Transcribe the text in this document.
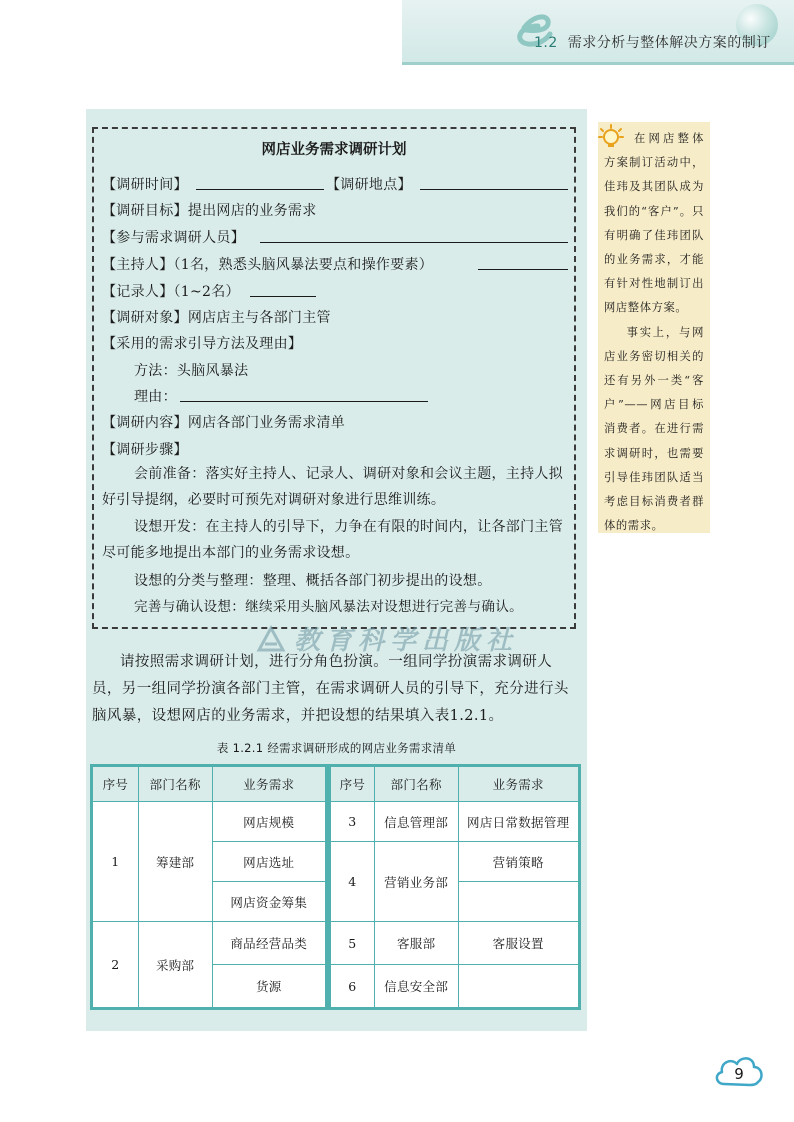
1.2 需求分析与整体解决方案的制订
网店业务需求调研计划
【调研时间】	【调研地点】
【调研目标】提出网店的业务需求
【参与需求调研人员】
【主持人】（1名，熟悉头脑风暴法要点和操作要素）
【记录人】（1~2名）
【调研对象】网店店主与各部门主管
【采用的需求引导方法及理由】
方法：头脑风暴法
理由：
【调研内容】网店各部门业务需求清单
【调研步骤】
会前准备：落实好主持人、记录人、调研对象和会议主题，主持人拟好引导提纲，必要时可预先对调研对象进行思维训练。
设想开发：在主持人的引导下，力争在有限的时间内，让各部门主管尽可能多地提出本部门的业务需求设想。
设想的分类与整理：整理、概括各部门初步提出的设想。
完善与确认设想：继续采用头脑风暴法对设想进行完善与确认。
教育科学出版社
请按照需求调研计划，进行分角色扮演。一组同学扮演需求调研人员，另一组同学扮演各部门主管，在需求调研人员的引导下，充分进行头脑风暴，设想网店的业务需求，并把设想的结果填入表1.2.1。
表 1.2.1 经需求调研形成的网店业务需求清单
序号	部门名称	业务需求
1	筹建部	网店规模
		网店选址
		网店资金筹集
2	采购部	商品经营品类
		货源
序号	部门名称	业务需求
3	信息管理部	网店日常数据管理
4	营销业务部	营销策略

5	客服部	客服设置
6	信息安全部	

在网店整体方案制订活动中，佳玮及其团队成为我们的“客户”。只有明确了佳玮团队的业务需求，才能有针对性地制订出网店整体方案。

事实上，与网店业务密切相关的还有另外一类“客户”——网店目标消费者。在进行需求调研时，也需要引导佳玮团队适当考虑目标消费者群体的需求。

9
